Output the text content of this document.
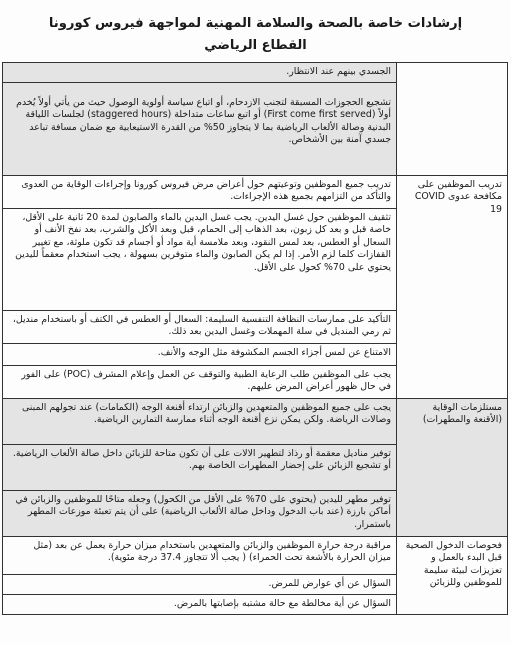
إرشادات خاصة بالصحة والسلامة المهنية لمواجهة فيروس كورونا
القطاع الرياضي

	الجسدي بينهم عند الانتظار.

	تشجيع الحجوزات المسبقة لتجنب الازدحام، أو اتباع سياسة أولوية الوصول حيث من يأتي أولاً يُخدم أولاً (First come first served) أو اتبع ساعات متداخلة (staggered hours) لجلسات اللياقة البدنية وصالة الألعاب الرياضية بما لا يتجاوز 50% من القدرة الاستيعابية مع ضمان مسافة تباعد جسدي آمنة بين الأشخاص.

تدريب الموظفين على مكافحة عدوى COVID 19	تدريب جميع الموظفين وتوعيتهم حول أعراض مرض فيروس كورونا وإجراءات الوقاية من العدوى والتأكد من التزامهم بجميع هذه الإجراءات.

	تثقيف الموظفين حول غسل اليدين. يجب غسل اليدين بالماء والصابون لمدة 20 ثانية على الأقل، خاصة قبل و بعد كل زبون، بعد الذهاب إلى الحمام، قبل وبعد الأكل والشرب، بعد نفخ الأنف أو السعال أو العطس، بعد لمس النقود، وبعد ملامسة أية مواد أو أجسام قد تكون ملوثة، مع تغيير القفازات كلما لزم الأمر. إذا لم يكن الصابون والماء متوفرين بسهولة ، يجب استخدام معقماً لليدين يحتوي على 70% كحول على الأقل.

	التأكيد على ممارسات النظافة التنفسية السليمة: السعال أو العطس في الكتف أو باستخدام منديل، ثم رمي المنديل في سلة المهملات وغسل اليدين بعد ذلك.

	الامتناع عن لمس أجزاء الجسم المكشوفة مثل الوجه والأنف.

	يجب على الموظفين طلب الرعاية الطبية والتوقف عن العمل وإعلام المشرف (POC) على الفور في حال ظهور أعراض المرض عليهم.

مستلزمات الوقاية (الأقنعة والمطهرات)	يجب على جميع الموظفين والمتعهدين والزبائن ارتداء أقنعة الوجه (الكمامات) عند تجولهم المبنى وصالات الرياضة. ولكن يمكن نزع أقنعة الوجه أثناء ممارسة التمارين الرياضية.

	توفير مناديل معقمة أو رذاذ لتطهير الالات على أن تكون متاحة للزبائن داخل صالة الألعاب الرياضية. أو تشجيع الزبائن على إحضار المطهرات الخاصة بهم.

	توفير مطهر لليدين (يحتوي على 70% على الأقل من الكحول) وجعله متاحًا للموظفين والزبائن في أماكن بارزة (عند باب الدخول وداخل صالة الألعاب الرياضية) على أن يتم تعبئة موزعات المطهر باستمرار.

فحوصات الدخول الصحية قبل البدء بالعمل و تعزيزات لبيئة سليمة للموظفين وللزبائن	مراقبة درجة حرارة الموظفين والزبائن والمتعهدين باستخدام ميزان حرارة يعمل عن بعد (مثل ميزان الحرارة بالأشعة تحت الحمراء) ( يجب ألا تتجاوز 37.4 درجة مئوية).

	السؤال عن أي عوارض للمرض.

	السؤال عن أية مخالطة مع حالة مشتبه بإصابتها بالمرض.
